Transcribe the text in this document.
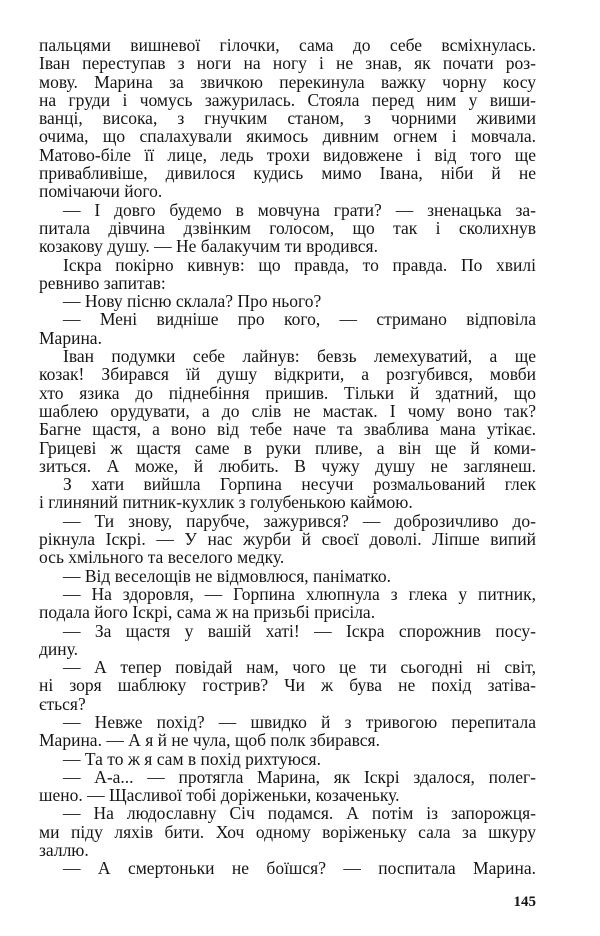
пальцями вишневої гілочки, сама до себе всміхнулась.
Іван переступав з ноги на ногу і не знав, як почати роз-
мову. Марина за звичкою перекинула важку чорну косу
на груди і чомусь зажурилась. Стояла перед ним у виши-
ванці, висока, з гнучким станом, з чорними живими
очима, що спалахували якимось дивним огнем і мовчала.
Матово-біле її лице, ледь трохи видовжене і від того ще
привабливіше, дивилося кудись мимо Івана, ніби й не
помічаючи його.
— І довго будемо в мовчуна грати? — зненацька за-
питала дівчина дзвінким голосом, що так і сколихнув
козакову душу. — Не балакучим ти вродився.
Іскра покірно кивнув: що правда, то правда. По хвилі
ревниво запитав:
— Нову пісню склала? Про нього?
— Мені видніше про кого, — стримано відповіла
Марина.
Іван подумки себе лайнув: бевзь лемехуватий, а ще
козак! Збирався їй душу відкрити, а розгубився, мовби
хто язика до піднебіння пришив. Тільки й здатний, що
шаблею орудувати, а до слів не мастак. І чому воно так?
Багне щастя, а воно від тебе наче та зваблива мана утікає.
Грицеві ж щастя саме в руки пливе, а він ще й коми-
зиться. А може, й любить. В чужу душу не заглянеш.
З хати вийшла Горпина несучи розмальований глек
і глиняний питник-кухлик з голубенькою каймою.
— Ти знову, парубче, зажурився? — доброзичливо до-
рікнула Іскрі. — У нас журби й своєї доволі. Ліпше випий
ось хмільного та веселого медку.
— Від веселощів не відмовлюся, паніматко.
— На здоровля, — Горпина хлюпнула з глека у питник,
подала його Іскрі, сама ж на призьбі присіла.
— За щастя у вашій хаті! — Іскра спорожнив посу-
дину.
— А тепер повідай нам, чого це ти сьогодні ні світ,
ні зоря шаблюку гострив? Чи ж бува не похід затіва-
ється?
— Невже похід? — швидко й з тривогою перепитала
Марина. — А я й не чула, щоб полк збирався.
— Та то ж я сам в похід рихтуюся.
— А-а... — протягла Марина, як Іскрі здалося, полег-
шено. — Щасливої тобі доріженьки, козаченьку.
— На людославну Січ подамся. А потім із запорожця-
ми піду ляхів бити. Хоч одному воріженьку сала за шкуру
заллю.
— А смертоньки не боїшся? — поспитала Марина.
145
